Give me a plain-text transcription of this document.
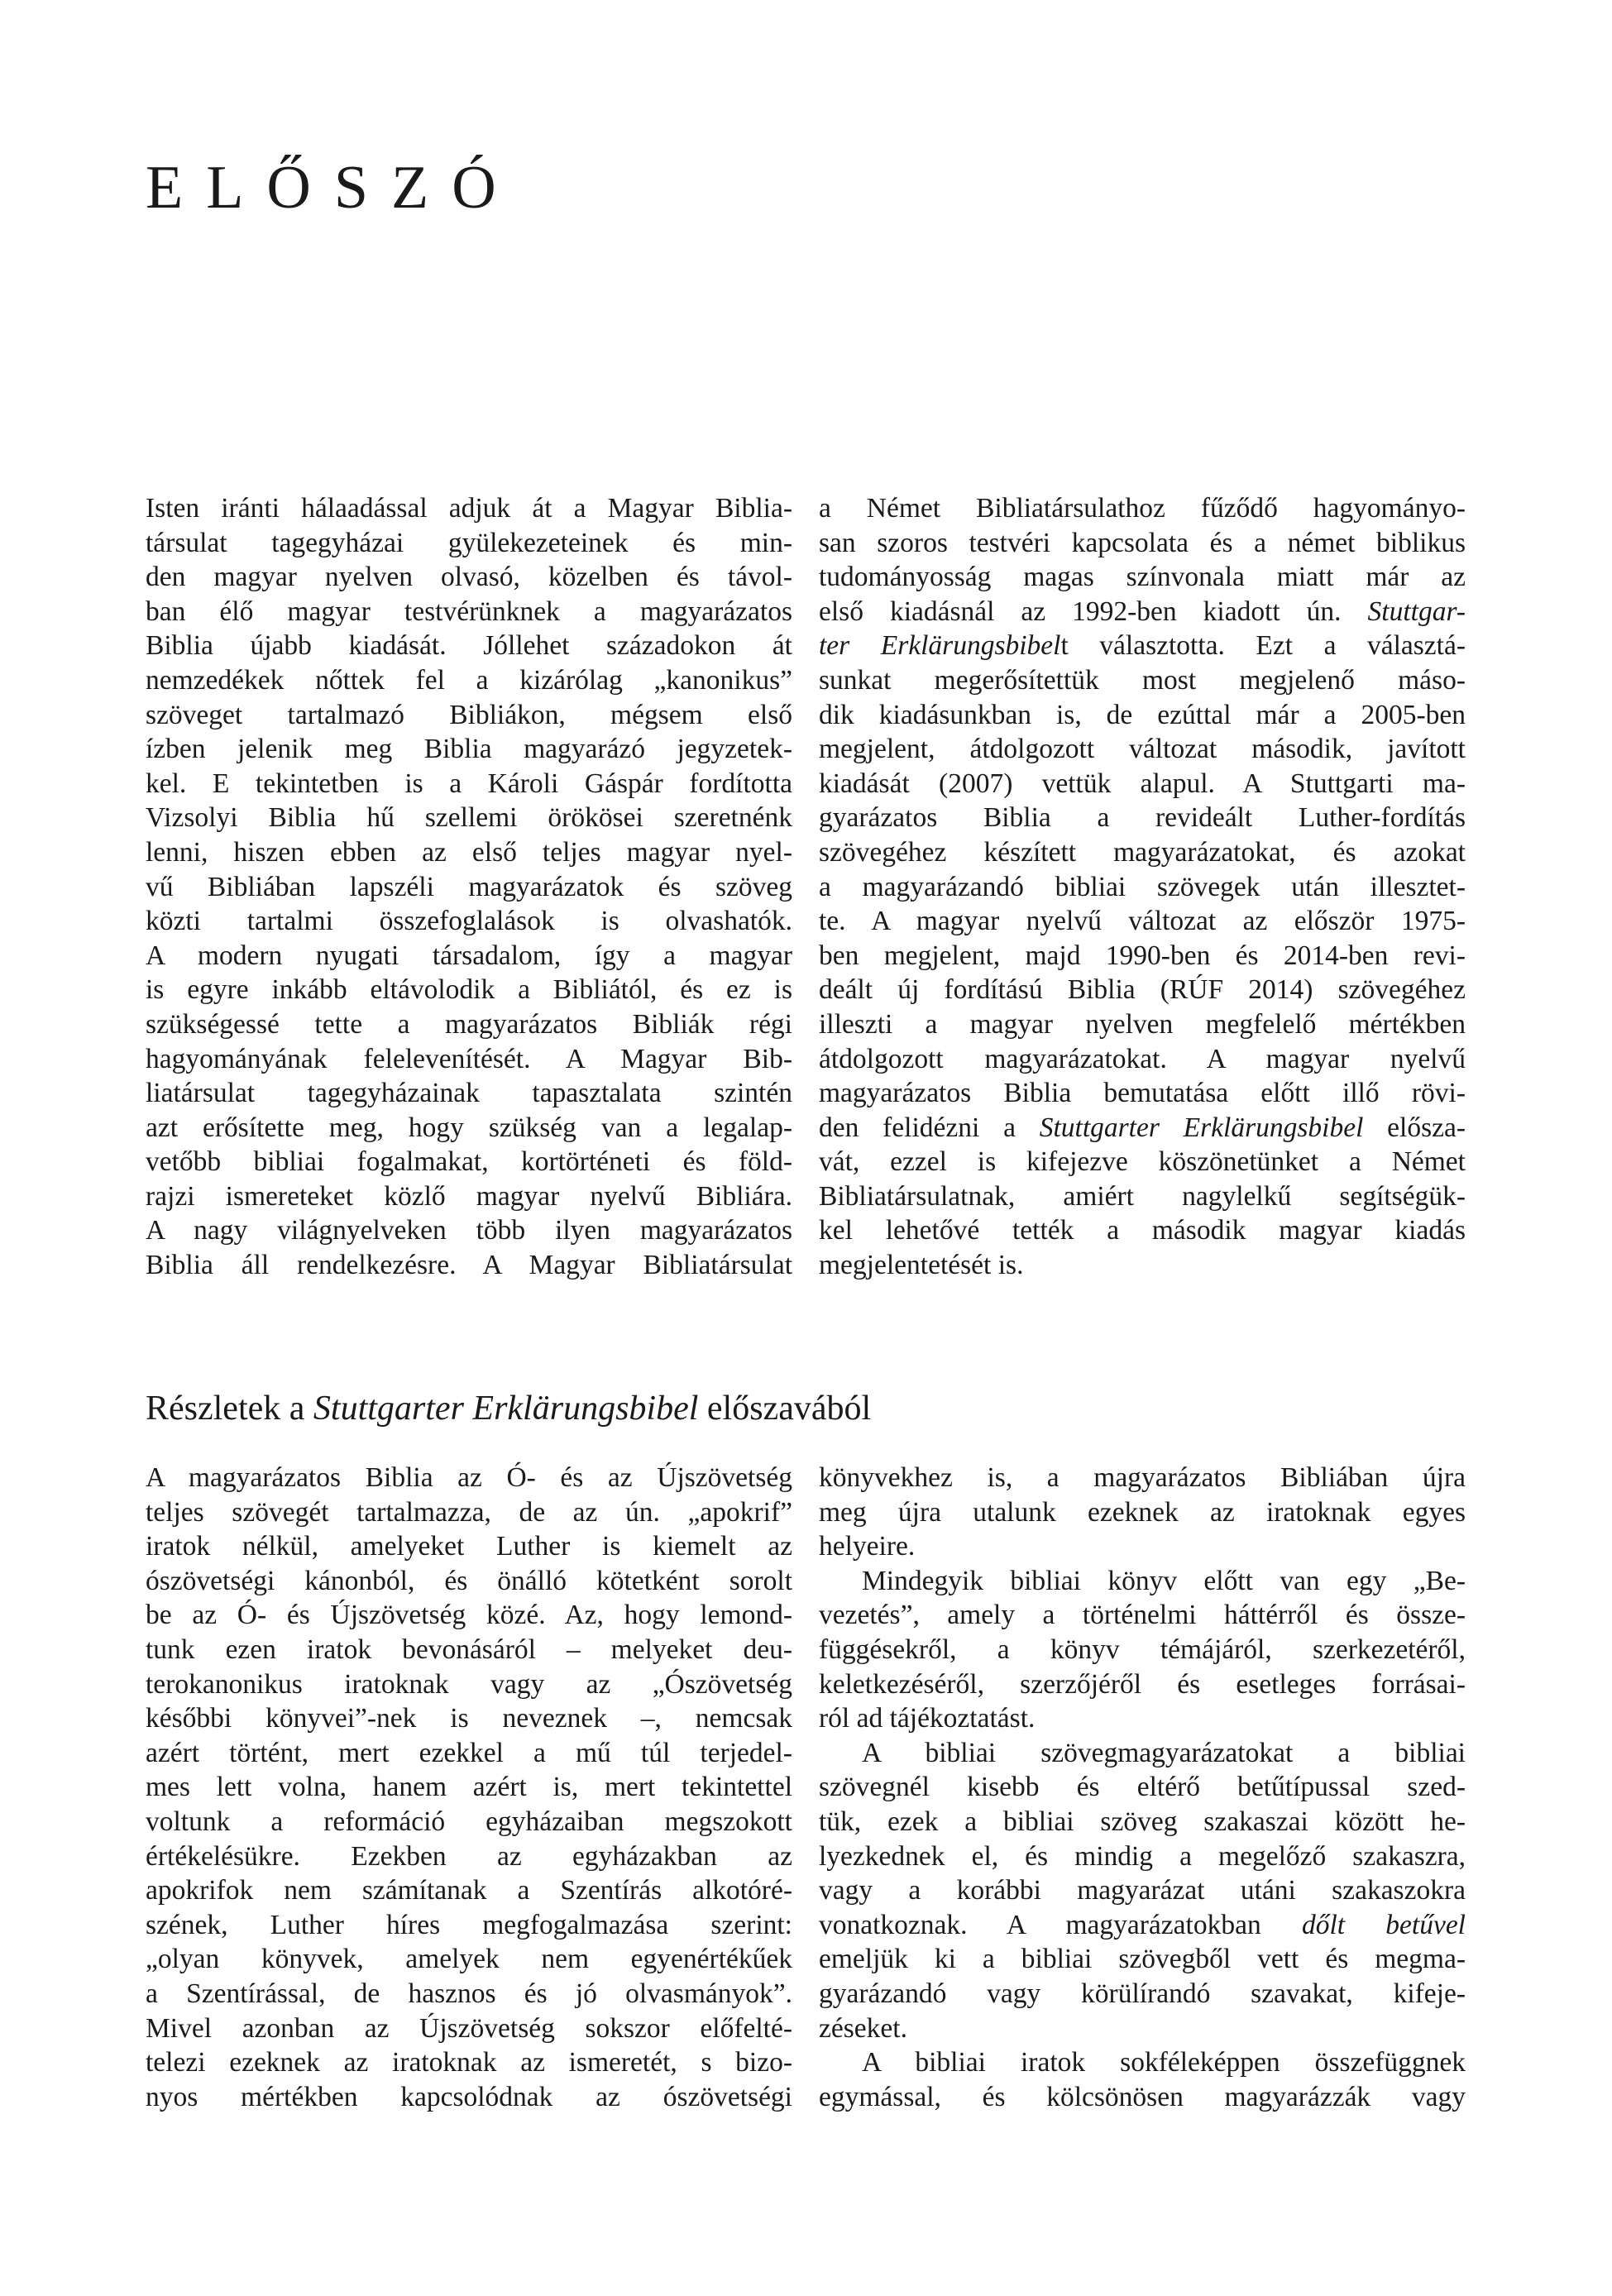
ELŐSZÓ
Isten iránti hálaadással adjuk át a Magyar Biblia-
társulat tagegyházai gyülekezeteinek és min-
den magyar nyelven olvasó, közelben és távol-
ban élő magyar testvérünknek a magyarázatos
Biblia újabb kiadását. Jóllehet századokon át
nemzedékek nőttek fel a kizárólag „kanonikus”
szöveget tartalmazó Bibliákon, mégsem első
ízben jelenik meg Biblia magyarázó jegyzetek-
kel. E tekintetben is a Károli Gáspár fordította
Vizsolyi Biblia hű szellemi örökösei szeretnénk
lenni, hiszen ebben az első teljes magyar nyel-
vű Bibliában lapszéli magyarázatok és szöveg
közti tartalmi összefoglalások is olvashatók.
A modern nyugati társadalom, így a magyar
is egyre inkább eltávolodik a Bibliától, és ez is
szükségessé tette a magyarázatos Bibliák régi
hagyományának felelevenítését. A Magyar Bib-
liatársulat tagegyházainak tapasztalata szintén
azt erősítette meg, hogy szükség van a legalap-
vetőbb bibliai fogalmakat, kortörténeti és föld-
rajzi ismereteket közlő magyar nyelvű Bibliára.
A nagy világnyelveken több ilyen magyarázatos
Biblia áll rendelkezésre. A Magyar Bibliatársulat
a Német Bibliatársulathoz fűződő hagyományo-
san szoros testvéri kapcsolata és a német biblikus
tudományosság magas színvonala miatt már az
első kiadásnál az 1992-ben kiadott ún. Stuttgar-
ter Erklärungsbibelt választotta. Ezt a választá-
sunkat megerősítettük most megjelenő máso-
dik kiadásunkban is, de ezúttal már a 2005-ben
megjelent, átdolgozott változat második, javított
kiadását (2007) vettük alapul. A Stuttgarti ma-
gyarázatos Biblia a revideált Luther-fordítás
szövegéhez készített magyarázatokat, és azokat
a magyarázandó bibliai szövegek után illesztet-
te. A magyar nyelvű változat az először 1975-
ben megjelent, majd 1990-ben és 2014-ben revi-
deált új fordítású Biblia (RÚF 2014) szövegéhez
illeszti a magyar nyelven megfelelő mértékben
átdolgozott magyarázatokat. A magyar nyelvű
magyarázatos Biblia bemutatása előtt illő rövi-
den felidézni a Stuttgarter Erklärungsbibel elősza-
vát, ezzel is kifejezve köszönetünket a Német
Bibliatársulatnak, amiért nagylelkű segítségük-
kel lehetővé tették a második magyar kiadás
megjelentetését is.
Részletek a Stuttgarter Erklärungsbibel előszavából
A magyarázatos Biblia az Ó- és az Újszövetség
teljes szövegét tartalmazza, de az ún. „apokrif”
iratok nélkül, amelyeket Luther is kiemelt az
ószövetségi kánonból, és önálló kötetként sorolt
be az Ó- és Újszövetség közé. Az, hogy lemond-
tunk ezen iratok bevonásáról – melyeket deu-
terokanonikus iratoknak vagy az „Ószövetség
későbbi könyvei”-nek is neveznek –, nemcsak
azért történt, mert ezekkel a mű túl terjedel-
mes lett volna, hanem azért is, mert tekintettel
voltunk a reformáció egyházaiban megszokott
értékelésükre. Ezekben az egyházakban az
apokrifok nem számítanak a Szentírás alkotóré-
szének, Luther híres megfogalmazása szerint:
„olyan könyvek, amelyek nem egyenértékűek
a Szentírással, de hasznos és jó olvasmányok”.
Mivel azonban az Újszövetség sokszor előfelté-
telezi ezeknek az iratoknak az ismeretét, s bizo-
nyos mértékben kapcsolódnak az ószövetségi
könyvekhez is, a magyarázatos Bibliában újra
meg újra utalunk ezeknek az iratoknak egyes
helyeire.
Mindegyik bibliai könyv előtt van egy „Be-
vezetés”, amely a történelmi háttérről és össze-
függésekről, a könyv témájáról, szerkezetéről,
keletkezéséről, szerzőjéről és esetleges forrásai-
ról ad tájékoztatást.
A bibliai szövegmagyarázatokat a bibliai
szövegnél kisebb és eltérő betűtípussal szed-
tük, ezek a bibliai szöveg szakaszai között he-
lyezkednek el, és mindig a megelőző szakaszra,
vagy a korábbi magyarázat utáni szakaszokra
vonatkoznak. A magyarázatokban dőlt betűvel
emeljük ki a bibliai szövegből vett és megma-
gyarázandó vagy körülírandó szavakat, kifeje-
zéseket.
A bibliai iratok sokféleképpen összefüggnek
egymással, és kölcsönösen magyarázzák vagy
